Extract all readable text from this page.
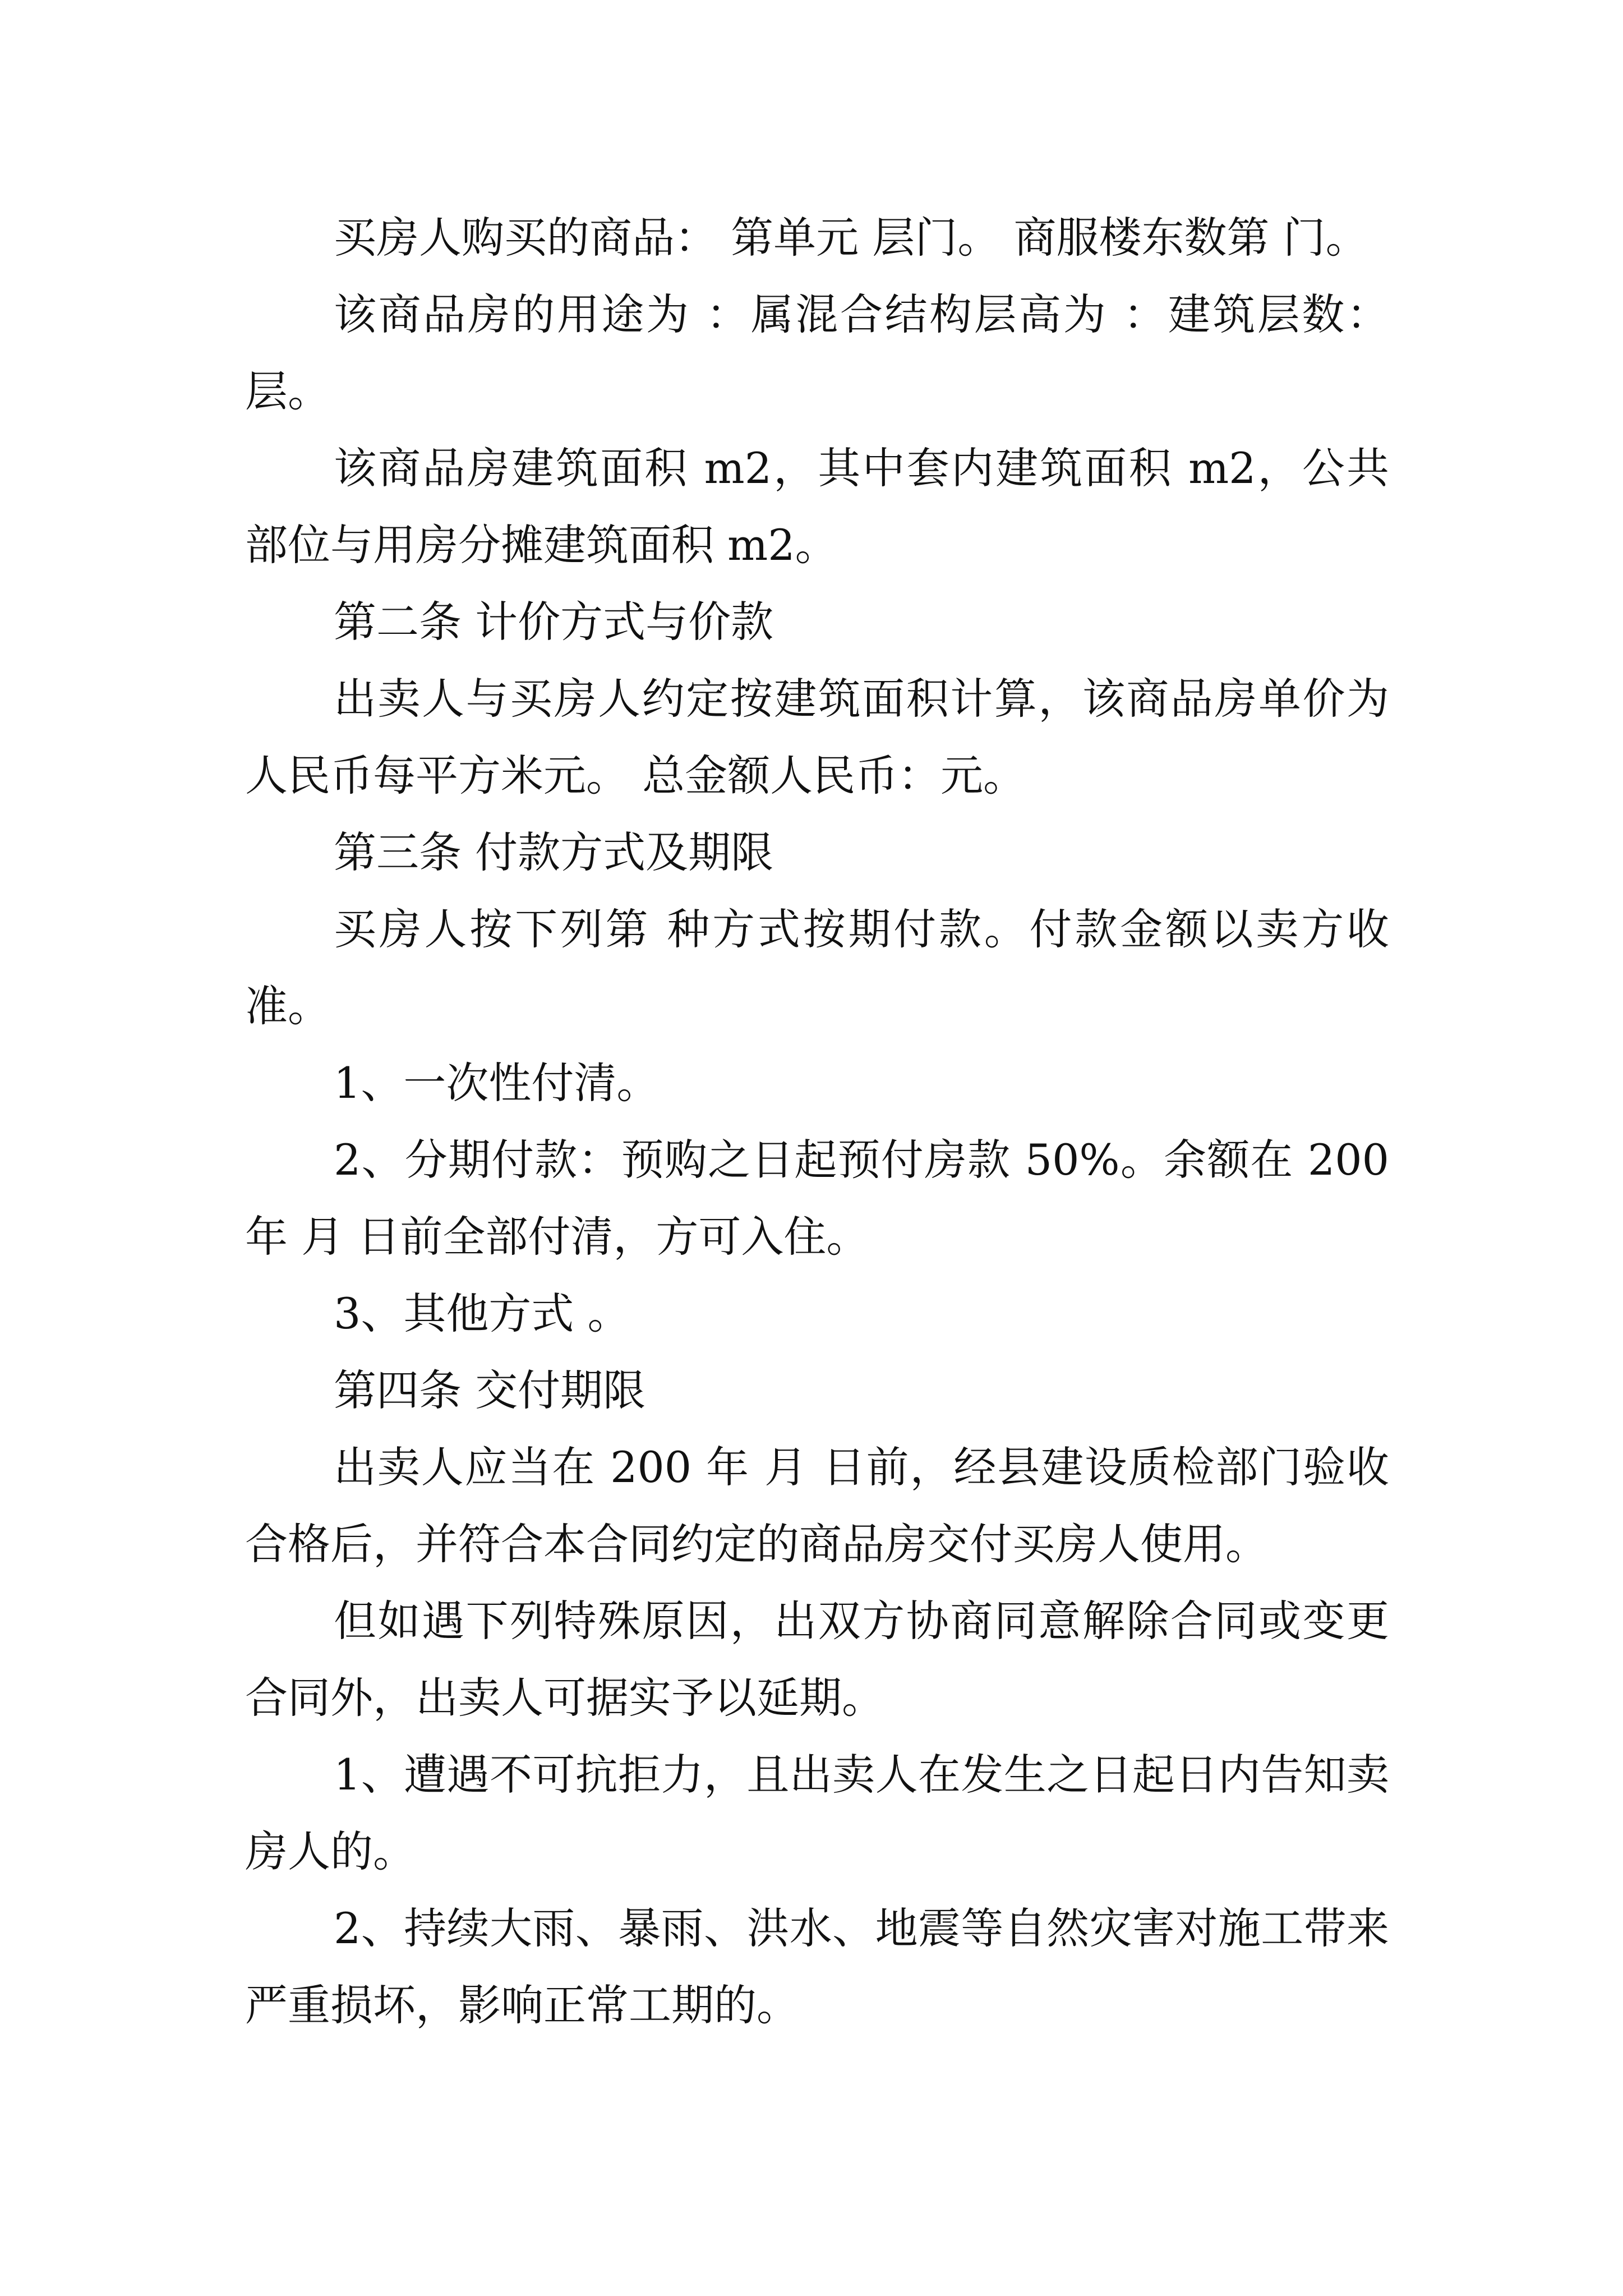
买房人购买的商品： 第单元 层门。 商服楼东数第 门。

该商品房的用途为 ：属混合结构层高为 ：建筑层数：层。

该商品房建筑面积 m2，其中套内建筑面积 m2，公共部位与用房分摊建筑面积 m2。

第二条 计价方式与价款

出卖人与买房人约定按建筑面积计算，该商品房单价为人民币每平方米元。 总金额人民币：元。

第三条 付款方式及期限

买房人按下列第 种方式按期付款。付款金额以卖方收准。

1、一次性付清。

2、分期付款：预购之日起预付房款 50%。余额在 200年 月 日前全部付清，方可入住。

3、其他方式 。

第四条 交付期限

出卖人应当在 200 年 月 日前，经县建设质检部门验收合格后，并符合本合同约定的商品房交付买房人使用。

但如遇下列特殊原因，出双方协商同意解除合同或变更合同外，出卖人可据实予以延期。

1、遭遇不可抗拒力，且出卖人在发生之日起日内告知卖房人的。

2、持续大雨、暴雨、洪水、地震等自然灾害对施工带来严重损坏，影响正常工期的。
